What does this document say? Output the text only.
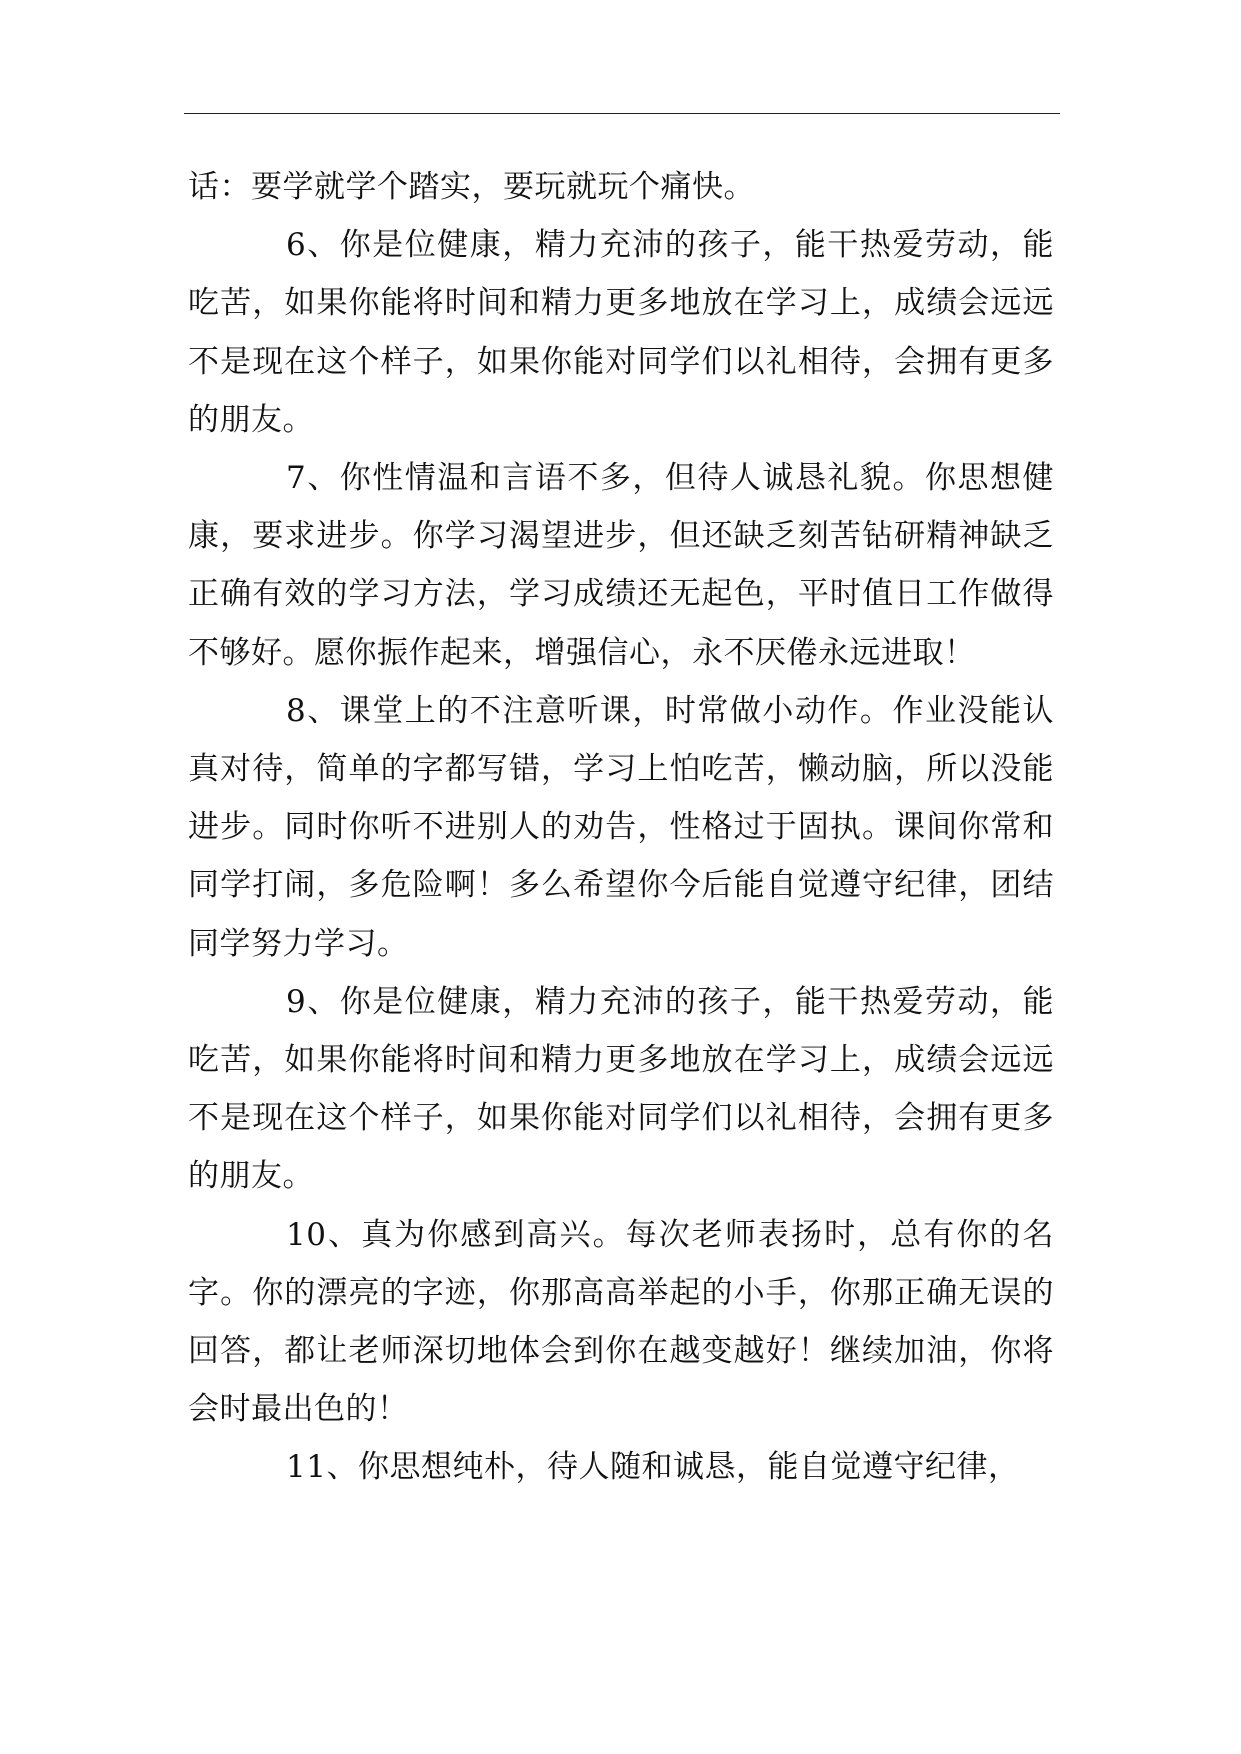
话：要学就学个踏实，要玩就玩个痛快。

6、你是位健康，精力充沛的孩子，能干热爱劳动，能吃苦，如果你能将时间和精力更多地放在学习上，成绩会远远不是现在这个样子，如果你能对同学们以礼相待，会拥有更多的朋友。

7、你性情温和言语不多，但待人诚恳礼貌。你思想健康，要求进步。你学习渴望进步，但还缺乏刻苦钻研精神缺乏正确有效的学习方法，学习成绩还无起色，平时值日工作做得不够好。愿你振作起来，增强信心，永不厌倦永远进取！

8、课堂上的不注意听课，时常做小动作。作业没能认真对待，简单的字都写错，学习上怕吃苦，懒动脑，所以没能进步。同时你听不进别人的劝告，性格过于固执。课间你常和同学打闹，多危险啊！多么希望你今后能自觉遵守纪律，团结同学努力学习。

9、你是位健康，精力充沛的孩子，能干热爱劳动，能吃苦，如果你能将时间和精力更多地放在学习上，成绩会远远不是现在这个样子，如果你能对同学们以礼相待，会拥有更多的朋友。

10、真为你感到高兴。每次老师表扬时，总有你的名字。你的漂亮的字迹，你那高高举起的小手，你那正确无误的回答，都让老师深切地体会到你在越变越好！继续加油，你将会时最出色的！

11、你思想纯朴，待人随和诚恳，能自觉遵守纪律，
